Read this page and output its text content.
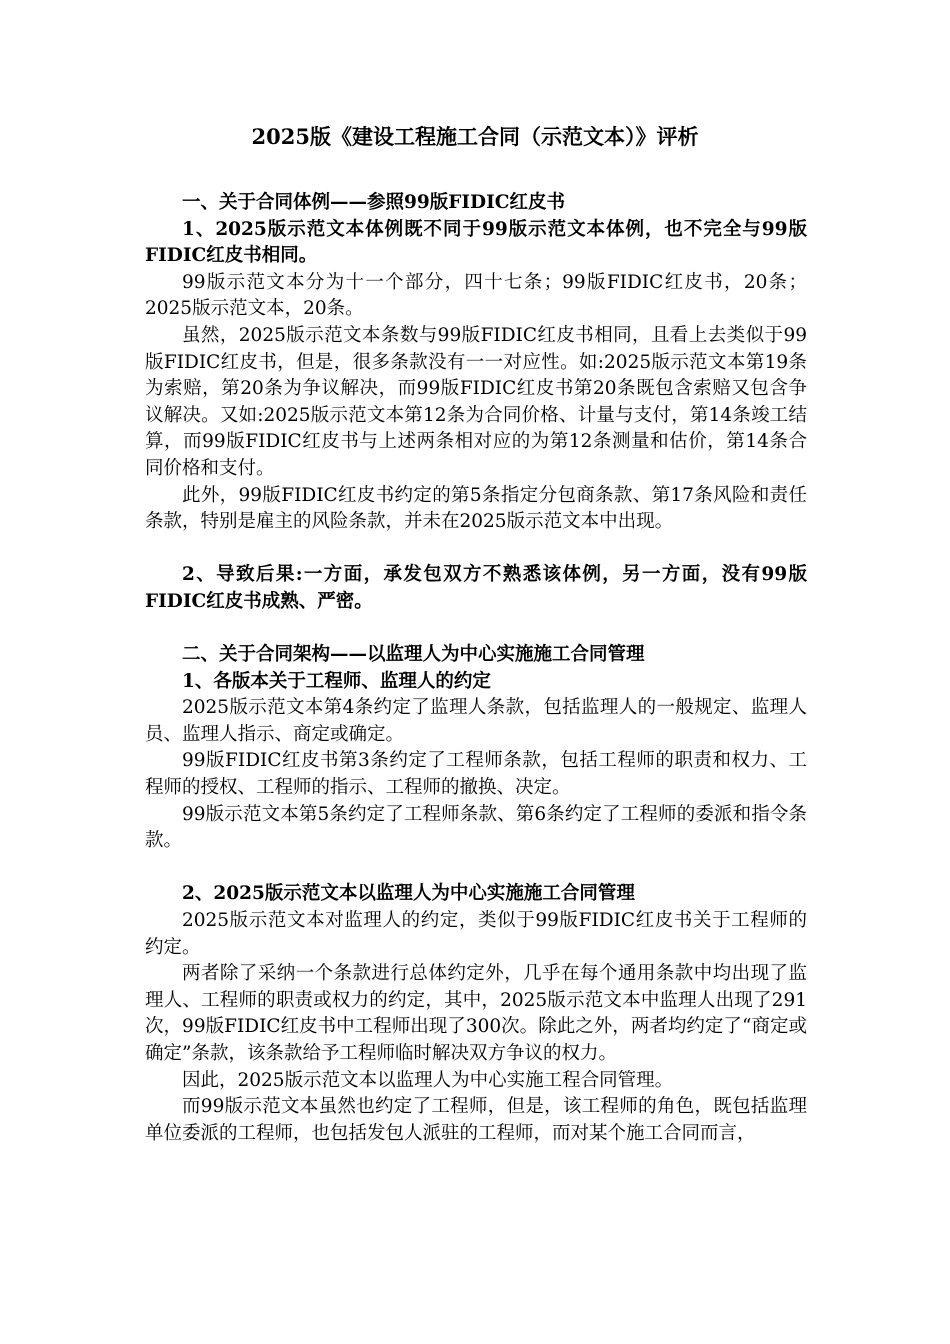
2025版《建设工程施工合同（示范文本）》评析

一、关于合同体例——参照99版FIDIC红皮书

1、2025版示范文本体例既不同于99版示范文本体例，也不完全与99版FIDIC红皮书相同。

99版示范文本分为十一个部分，四十七条；99版FIDIC红皮书，20条；2025版示范文本，20条。

虽然，2025版示范文本条数与99版FIDIC红皮书相同，且看上去类似于99版FIDIC红皮书，但是，很多条款没有一一对应性。如:2025版示范文本第19条为索赔，第20条为争议解决，而99版FIDIC红皮书第20条既包含索赔又包含争议解决。又如:2025版示范文本第12条为合同价格、计量与支付，第14条竣工结算，而99版FIDIC红皮书与上述两条相对应的为第12条测量和估价，第14条合同价格和支付。

此外，99版FIDIC红皮书约定的第5条指定分包商条款、第17条风险和责任条款，特别是雇主的风险条款，并未在2025版示范文本中出现。

2、导致后果:一方面，承发包双方不熟悉该体例，另一方面，没有99版FIDIC红皮书成熟、严密。

二、关于合同架构——以监理人为中心实施施工合同管理

1、各版本关于工程师、监理人的约定

2025版示范文本第4条约定了监理人条款，包括监理人的一般规定、监理人员、监理人指示、商定或确定。

99版FIDIC红皮书第3条约定了工程师条款，包括工程师的职责和权力、工程师的授权、工程师的指示、工程师的撤换、决定。

99版示范文本第5条约定了工程师条款、第6条约定了工程师的委派和指令条款。

2、2025版示范文本以监理人为中心实施施工合同管理

2025版示范文本对监理人的约定，类似于99版FIDIC红皮书关于工程师的约定。

两者除了采纳一个条款进行总体约定外，几乎在每个通用条款中均出现了监理人、工程师的职责或权力的约定，其中，2025版示范文本中监理人出现了291次，99版FIDIC红皮书中工程师出现了300次。除此之外，两者均约定了“商定或确定”条款，该条款给予工程师临时解决双方争议的权力。

因此，2025版示范文本以监理人为中心实施工程合同管理。

而99版示范文本虽然也约定了工程师，但是，该工程师的角色，既包括监理单位委派的工程师，也包括发包人派驻的工程师，而对某个施工合同而言，
